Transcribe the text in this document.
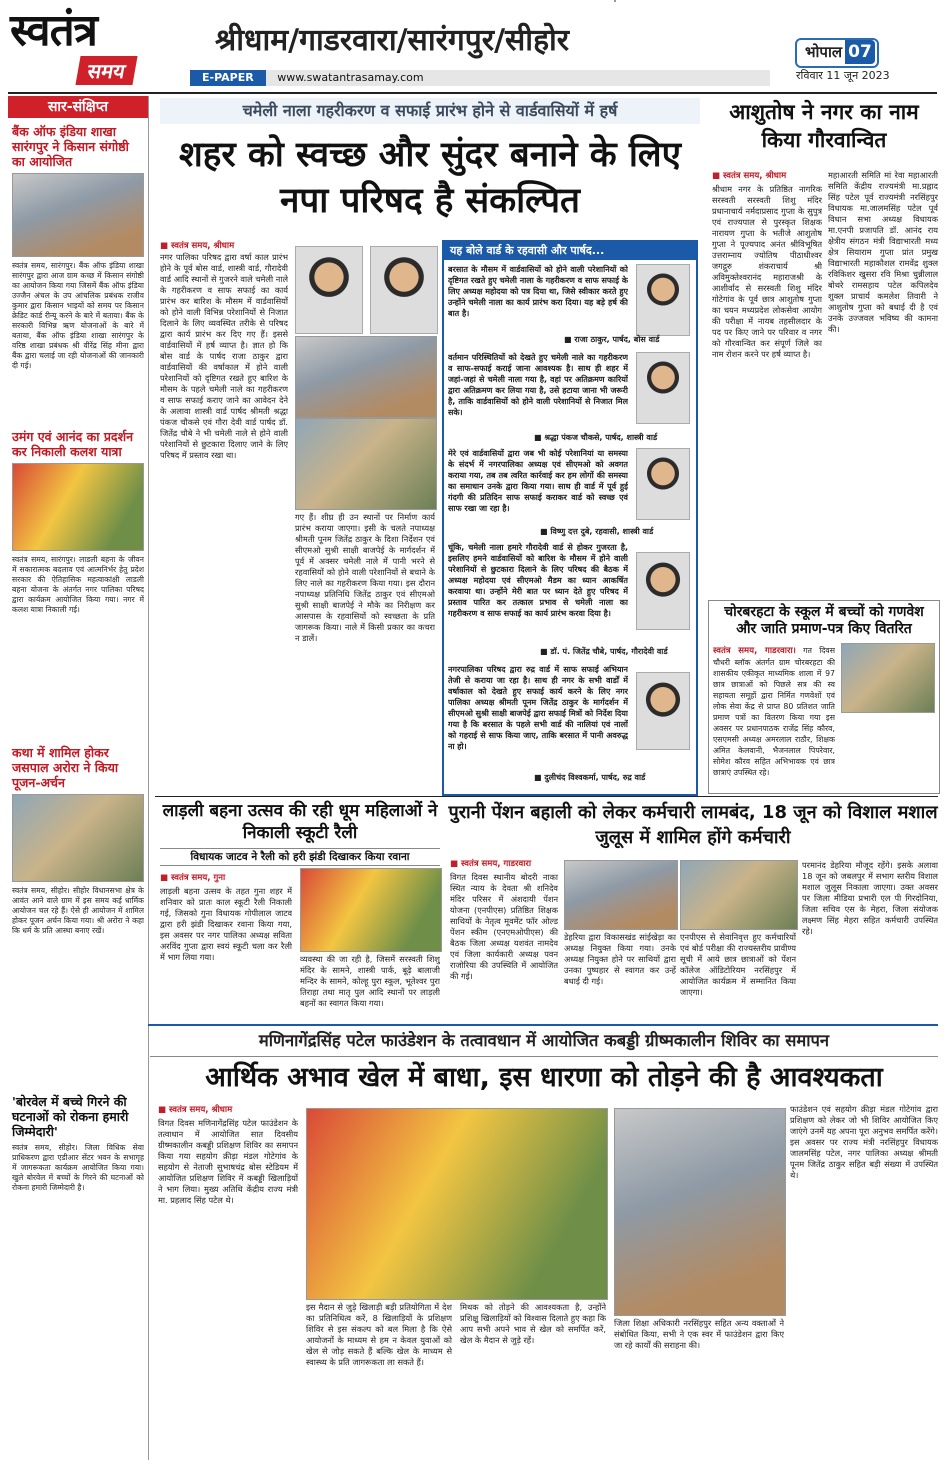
स्वतंत्र
समय
श्रीधाम/गाडरवारा/सारंगपुर/सीहोर
E-PAPER www.swatantrasamay.com
भोपाल 07
रविवार 11 जून 2023
सार-संक्षिप्त
बैंक ऑफ इंडिया शाखा सारंगपुर ने किसान संगोष्ठी का आयोजित
स्वतंत्र समय, सारंगपुर। बैंक ऑफ इंडिया शाखा सारंगपुर द्वारा आज ग्राम कच्छ में किसान संगोष्ठी का आयोजन किया गया जिसमें बैंक ऑफ इंडिया उज्जैन अंचल के उप आंचलिक प्रबंधक राजीव कुमार द्वारा किसान भाइयों को समय पर किसान क्रेडिट कार्ड रीन्यू करने के बारे में बताया। बैंक के सरकारी विभिन्न ऋण योजनाओं के बारे में बताया, बैंक ऑफ इंडिया शाखा सारंगपुर के वरिष्ठ शाखा प्रबंधक श्री वीरेंद्र सिंह मीना द्वारा बैंक द्वारा चलाई जा रही योजनाओं की जानकारी दी गई।
उमंग एवं आनंद का प्रदर्शन कर निकाली कलश यात्रा
स्वतंत्र समय, सारंगपुर। लाडली बहना के जीवन में सकारात्मक बदलाव एवं आत्मनिर्भर हेतु प्रदेश सरकार की ऐतिहासिक महत्वाकांक्षी लाडली बहना योजना के अंतर्गत नगर पालिका परिषद द्वारा कार्यक्रम आयोजित किया गया। नगर में कलश यात्रा निकाली गई।
कथा में शामिल होकर जसपाल अरोरा ने किया पूजन-अर्चन
स्वतंत्र समय, सीहोर। सीहोर विधानसभा क्षेत्र के आवंत आने वाले ग्राम में इस समय कई धार्मिक आयोजन चल रहे हैं। ऐसे ही आयोजन में शामिल होकर पूजन अर्चन किया गया। श्री अरोरा ने कहा कि धर्म के प्रति आस्था बनाए रखें।
'बोरवेल में बच्चे गिरने की घटनाओं को रोकना हमारी जिम्मेदारी'
स्वतंत्र समय, सीहोर। जिला विधिक सेवा प्राधिकरण द्वारा एडीआर सेंटर भवन के सभागृह में जागरूकता कार्यक्रम आयोजित किया गया। खुले बोरवेल में बच्चों के गिरने की घटनाओं को रोकना हमारी जिम्मेदारी है।
चमेली नाला गहरीकरण व सफाई प्रारंभ होने से वार्डवासियों में हर्ष
शहर को स्वच्छ और सुंदर बनाने के लिए नपा परिषद है संकल्पित
■ स्वतंत्र समय, श्रीधाम
नगर पालिका परिषद द्वारा वर्षा काल प्रारंभ होने के पूर्व बोस वार्ड, शास्त्री वार्ड, गौरादेवी वार्ड आदि स्थानों से गुजरने वाले चमेली नाले के गहरीकरण व साफ सफाई का कार्य प्रारंभ कर बारिश के मौसम में वार्डवासियों को होने वाली विभिन्न परेशानियों से निजात दिलाने के लिए व्यवस्थित तरीके से परिषद द्वारा कार्य प्रारंभ कर दिए गए हैं। इससे वार्डवासियों में हर्ष व्याप्त है। ज्ञात हो कि बोस वार्ड के पार्षद राजा ठाकुर द्वारा वार्डवासियों की वर्षाकाल में होने वाली परेशानियों को दृष्टिगत रखते हुए बारिश के मौसम के पहले चमेली नाले का गहरीकरण व साफ सफाई कराए जाने का आवेदन देने के अलावा शास्त्री वार्ड पार्षद श्रीमती श्रद्धा पंकज चौकसे एवं गौरा देवी वार्ड पार्षद डॉ. जितेंद्र चौबे ने भी चमेली नाले से होने वाली परेशानियों से छुटकारा दिलाए जाने के लिए परिषद में प्रस्ताव रखा था।
गए हैं। शीघ्र ही उन स्थानों पर निर्माण कार्य प्रारंभ कराया जाएगा। इसी के चलते नपाध्यक्ष श्रीमती पूनम जितेंद्र ठाकुर के दिशा निर्देशन एवं सीएमओ सुश्री साक्षी बाजपेई के मार्गदर्शन में पूर्व में अक्सर चमेली नाले में पानी भरने से रहवासियों को होने वाली परेशानियों से बचाने के लिए नाले का गहरीकरण किया गया। इस दौरान नपाध्यक्ष प्रतिनिधि जितेंद्र ठाकुर एवं सीएमओ सुश्री साक्षी बाजपेई ने मौके का निरीक्षण कर आसपास के रहवासियों को स्वच्छता के प्रति जागरूक किया। नाले में किसी प्रकार का कचरा न डालें।
यह बोले वार्ड के रहवासी और पार्षद...
बरसात के मौसम में वार्डवासियों को होने वाली परेशानियों को दृष्टिगत रखते हुए चमेली नाला के गहरीकरण व साफ सफाई के लिए अध्यक्ष महोदया को पत्र दिया था, जिसे स्वीकार करते हुए उन्होंने चमेली नाला का कार्य प्रारंभ करा दिया। यह बड़े हर्ष की बात है।
■ राजा ठाकुर, पार्षद, बोस वार्ड
वर्तमान परिस्थितियों को देखते हुए चमेली नाले का गहरीकरण व साफ-सफाई कराई जाना आवश्यक है। साथ ही शहर में जहां-जहां से चमेली नाला गया है, वहां पर अतिक्रमण कारियों द्वारा अतिक्रमण कर लिया गया है, उसे हटाया जाना भी जरूरी है, ताकि वार्डवासियों को होने वाली परेशानियों से निजात मिल सके।
■ श्रद्धा पंकज चौकसे, पार्षद, शास्त्री वार्ड
मेरे एवं वार्डवासियों द्वारा जब भी कोई परेशानियां या समस्या के संदर्भ में नगरपालिका अध्यक्ष एवं सीएमओ को अवगत कराया गया, तब तब त्वरित कार्रवाई कर हम लोगों की समस्या का समाधान उनके द्वारा किया गया। साथ ही वार्ड में पूर्व हुई गंदगी की प्रतिदिन साफ सफाई कराकर वार्ड को स्वच्छ एवं साफ रखा जा रहा है।
■ विष्णु दत्त दुबे, रहवासी, शास्त्री वार्ड
चूंकि, चमेली नाला हमारे गौरादेवी वार्ड से होकर गुजरता है, इसलिए हमने वार्डवासियों को बारिश के मौसम में होने वाली परेशानियों से छुटकारा दिलाने के लिए परिषद की बैठक में अध्यक्ष महोदया एवं सीएमओ मैडम का ध्यान आकर्षित करवाया था। उन्होंने मेरी बात पर ध्यान देते हुए परिषद में प्रस्ताव पारित कर तत्काल प्रभाव से चमेली नाला का गहरीकरण व साफ सफाई का कार्य प्रारंभ करवा दिया है।
■ डॉ. पं. जितेंद्र चौबे, पार्षद, गौरादेवी वार्ड
नगरपालिका परिषद द्वारा रुद्र वार्ड में साफ सफाई अभियान तेजी से कराया जा रहा है। साथ ही नगर के सभी वार्डों में वर्षाकाल को देखते हुए सफाई कार्य करने के लिए नगर पालिका अध्यक्ष श्रीमती पूनम जितेंद्र ठाकुर के मार्गदर्शन में सीएमओ सुश्री साक्षी बाजपेई द्वारा सफाई मित्रों को निर्देश दिया गया है कि बरसात के पहले सभी वार्ड की नालियां एवं नालों को गहराई से साफ किया जाए, ताकि बरसात में पानी अवरुद्ध ना हो।
■ दुलीचंद विश्वकर्मा, पार्षद, रुद्र वार्ड
आशुतोष ने नगर का नाम किया गौरवान्वित
■ स्वतंत्र समय, श्रीधाम
श्रीधाम नगर के प्रतिष्ठित नागरिक सरस्वती सरस्वती शिशु मंदिर प्रधानाचार्य नर्मदाप्रसाद गुप्ता के सुपुत्र एवं राज्यपाल से पुरस्कृत शिक्षक नारायण गुप्ता के भतीजे आशुतोष गुप्ता ने पूज्यपाद अनंत श्रीविभूषित उत्तराम्नाय ज्योतिष पीठाधीश्वर जगद्गुरु शंकराचार्य श्री अविमुक्तेश्वरानंद महाराजश्री के आशीर्वाद से सरस्वती शिशु मंदिर गोटेगांव के पूर्व छात्र आशुतोष गुप्ता का चयन मध्यप्रदेश लोकसेवा आयोग की परीक्षा में नायब तहसीलदार के पद पर किए जाने पर परिवार व नगर को गौरवान्वित कर संपूर्ण जिले का नाम रोशन करने पर हर्ष व्याप्त है।
महाआरती समिति मां रेवा महाआरती समिति केंद्रीय राज्यमंत्री मा.प्रह्लाद सिंह पटेल पूर्व राज्यमंत्री नरसिंहपुर विधायक मा.जालमसिंह पटेल पूर्व विधान सभा अध्यक्ष विधायक मा.एनपी प्रजापति डॉ. आनंद राय क्षेत्रीय संगठन मंत्री विद्याभारती मध्य क्षेत्र सियाराम गुप्ता प्रांत प्रमुख विद्याभारती महाकौशल रामवेंद्र शुक्ल रविकिशर खुसरा रवि मिश्रा चुन्नीलाल बोथरे रामसहाय पटेल कपिलदेव शुक्ल प्राचार्य कमलेश तिवारी ने आशुतोष गुप्ता को बधाई दी है एवं उनके उज्जवल भविष्य की कामना की।
चोरबरहटा के स्कूल में बच्चों को गणवेश और जाति प्रमाण-पत्र किए वितरित
स्वतंत्र समय, गाडरवारा। गत दिवस चौधरी ब्लॉक अंतर्गत ग्राम चोरबरहटा की शासकीय एकीकृत माध्यमिक शाला में 97 छात्र छात्राओं को पिछले सत्र की स्व सहायता समूहों द्वारा निर्मित गणवेशों एवं लोक सेवा केंद्र से प्राप्त 80 प्रतिशत जाति प्रमाण पत्रों का वितरण किया गया इस अवसर पर प्रधानपाठक राजेंद्र सिंह कौरव, एसएमसी अध्यक्ष अमरलाल राठौर, शिक्षक अमित केलवानी, भैजनलाल पिपरेवार, सोमेश कौरव सहित अभिभावक एवं छात्र छात्राएं उपस्थित रहे।
लाड़ली बहना उत्सव की रही धूम महिलाओं ने निकाली स्कूटी रैली
विधायक जाटव ने रैली को हरी झंडी दिखाकर किया रवाना
■ स्वतंत्र समय, गुना
लाड़ली बहना उत्सव के तहत गुना शहर में शनिवार को प्रातः काल स्कूटी रैली निकाली गई, जिसको गुना विधायक गोपीलाल जाटव द्वारा हरी झंडी दिखाकर रवाना किया गया, इस अवसर पर नगर पालिका अध्यक्ष सविता अरविंद गुप्ता द्वारा स्वयं स्कूटी चला कर रैली में भाग लिया गया।	व्यवस्था की जा रही है, जिसमें सरस्वती शिशु मंदिर के सामने, शास्त्री पार्क, बूढ़े बालाजी मन्दिर के सामने, कोल्हू पुरा स्कूल, भूतेश्वर पुरा तिराहा तथा मातृ पुल आदि स्थानों पर लाड़ली बहनों का स्वागत किया गया।
पुरानी पेंशन बहाली को लेकर कर्मचारी लामबंद, 18 जून को विशाल मशाल जुलूस में शामिल होंगे कर्मचारी
■ स्वतंत्र समय, गाडरवारा
विगत दिवस स्थानीय बोदरी नाका स्थित न्याय के देवता श्री शनिदेव मंदिर परिसर में अंशदायी पेंशन योजना (एनपीएस) प्रतिष्ठित शिक्षक साथियों के नेतृत्व मूवमेंट फॉर ओल्ड पेंशन स्कीम (एनएमओपीएस) की बैठक जिला अध्यक्ष यशवंत नामदेव एवं जिला कार्यकारी अध्यक्ष पवन राजोरिया की उपस्थिति में आयोजित की गई।
डेहरिया द्वारा विकासखंड सांईखेड़ा का अध्यक्ष नियुक्त किया गया। उनके अध्यक्ष नियुक्त होने पर साथियों द्वारा उनका पुष्पहार से स्वागत कर उन्हें बधाई दी गई।
एनपीएस से सेवानिवृत्त हुए कर्मचारियों एवं बोर्ड परीक्षा की राज्यस्तरीय प्रावीण्य सूची में आये छात्र छात्राओं को पेंशन कॉलेज ऑडिटोरियम नरसिंहपुर में आयोजित कार्यक्रम में सम्मानित किया जाएगा।
परमानंद डेहरिया मौजूद रहेंगे। इसके अलावा 18 जून को जबलपुर में सभाग स्तरीय विशाल मशाल जुलूस निकाला जाएगा। उक्त अवसर पर जिला मीडिया प्रभारी एल पी गिरदोनिया, जिला सचिव एस के मेहरा, जिला संयोजक लक्ष्मण सिंह मेहरा सहित कर्मचारी उपस्थित रहे।
मणिनागेंद्रसिंह पटेल फाउंडेशन के तत्वावधान में आयोजित कबड्डी ग्रीष्मकालीन शिविर का समापन
आर्थिक अभाव खेल में बाधा, इस धारणा को तोड़ने की है आवश्यकता
■ स्वतंत्र समय, श्रीधाम
विगत दिवस मणिनागेंद्रसिंह पटेल फाउंडेशन के तत्वाधान में आयोजित सात दिवसीय ग्रीष्मकालीन कबड्डी प्रशिक्षण शिविर का समापन किया गया सहयोग क्रीड़ा मंडल गोटेगांव के सहयोग से नेताजी सुभाषचंद्र बोस स्टेडियम में आयोजित प्रशिक्षण शिविर में कबड्डी खिलाड़ियों ने भाग लिया। मुख्य अतिथि केंद्रीय राज्य मंत्री मा. प्रहलाद सिंह पटेल थे।
इस मैदान से जुड़े खिलाड़ी बड़ी प्रतियोगिता में देश का प्रतिनिधित्व करें, 8 खिलाड़ियों के प्रशिक्षण शिविर से इस संकल्प को बल मिला है कि ऐसे आयोजनों के माध्यम से हम न केवल युवाओं को खेल से जोड़ सकते हैं बल्कि खेल के माध्यम से स्वास्थ्य के प्रति जागरूकता ला सकते हैं।
मिथक को तोड़ने की आवश्यकता है, उन्होंने प्रशिक्षु खिलाड़ियों को विश्वास दिलाते हुए कहा कि आप सभी अपने भाव से खेल को समर्पित करें, खेल के मैदान से जुड़े रहें।
जिला शिक्षा अधिकारी नरसिंहपुर सहित अन्य वक्ताओं ने संबोधित किया, सभी ने एक स्वर में फाउंडेशन द्वारा किए जा रहे कार्यों की सराहना की।
फाउंडेशन एवं सहयोग क्रीड़ा मंडल गोटेगांव द्वारा प्रशिक्षण को लेकर जो भी शिविर आयोजित किए जाएंगे उनमें यह अपना पूरा अनुभव समर्पित करेंगे। इस अवसर पर राज्य मंत्री नरसिंहपुर विधायक जालमसिंह पटेल, नगर पालिका अध्यक्ष श्रीमती पूनम जितेंद्र ठाकुर सहित बड़ी संख्या में उपस्थित थे।
